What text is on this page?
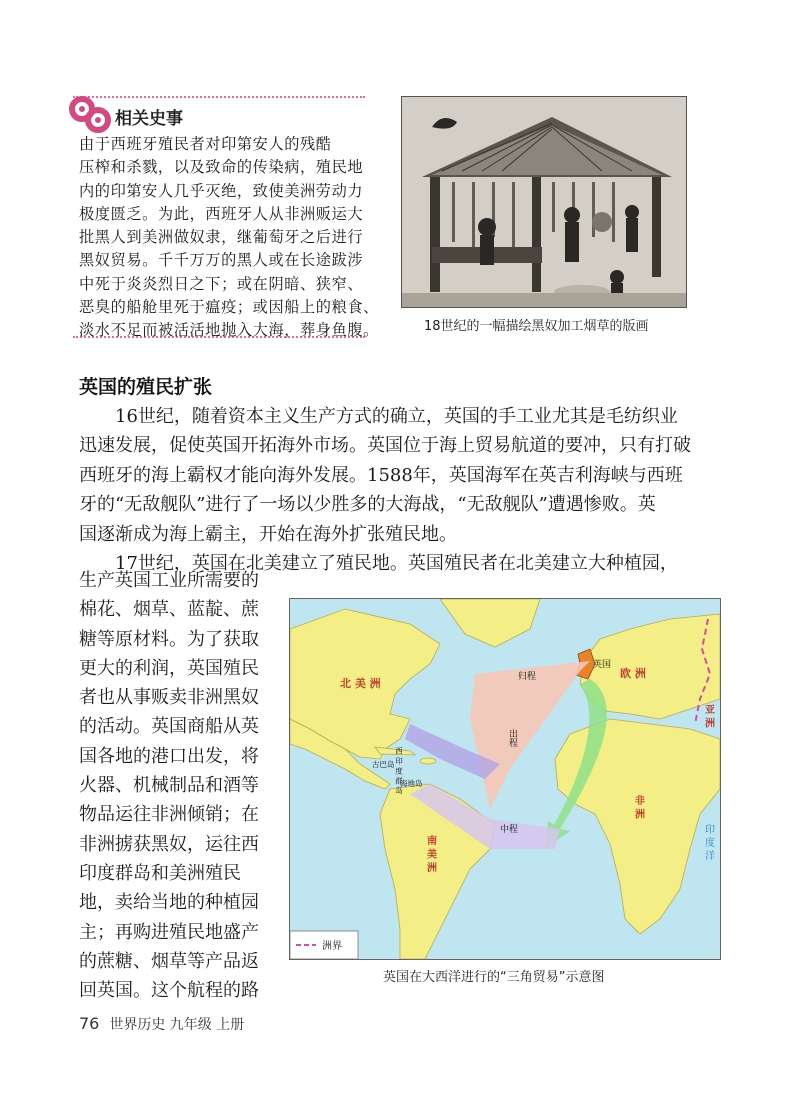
相关史事
由于西班牙殖民者对印第安人的残酷
压榨和杀戮，以及致命的传染病，殖民地
内的印第安人几乎灭绝，致使美洲劳动力
极度匮乏。为此，西班牙人从非洲贩运大
批黑人到美洲做奴隶，继葡萄牙之后进行
黑奴贸易。千千万万的黑人或在长途跋涉
中死于炎炎烈日之下；或在阴暗、狭窄、
恶臭的船舱里死于瘟疫；或因船上的粮食、
淡水不足而被活活地抛入大海，葬身鱼腹。	18世纪的一幅描绘黑奴加工烟草的版画
英国的殖民扩张
16世纪，随着资本主义生产方式的确立，英国的手工业尤其是毛纺织业
迅速发展，促使英国开拓海外市场。英国位于海上贸易航道的要冲，只有打破
西班牙的海上霸权才能向海外发展。1588年，英国海军在英吉利海峡与西班
牙的“无敌舰队”进行了一场以少胜多的大海战，“无敌舰队”遭遇惨败。英
国逐渐成为海上霸主，开始在海外扩张殖民地。
17世纪，英国在北美建立了殖民地。英国殖民者在北美建立大种植园，
生产英国工业所需要的
棉花、烟草、蓝靛、蔗
糖等原材料。为了获取
更大的利润，英国殖民
者也从事贩卖非洲黑奴
的活动。英国商船从英
国各地的港口出发，将
火器、机械制品和酒等
物品运往非洲倾销；在
非洲掳获黑奴，运往西
印度群岛和美洲殖民
地，卖给当地的种植园
主；再购进殖民地盛产
的蔗糖、烟草等产品返
回英国。这个航程的路
北 美 洲
南 美 洲
非 洲
欧 洲
亚 洲
印 度 洋
英国
归程
出程
中程
古巴岛
海地岛
西 印 度 群 岛
洲界
英国在大西洋进行的“三角贸易”示意图
76 世界历史 九年级 上册
